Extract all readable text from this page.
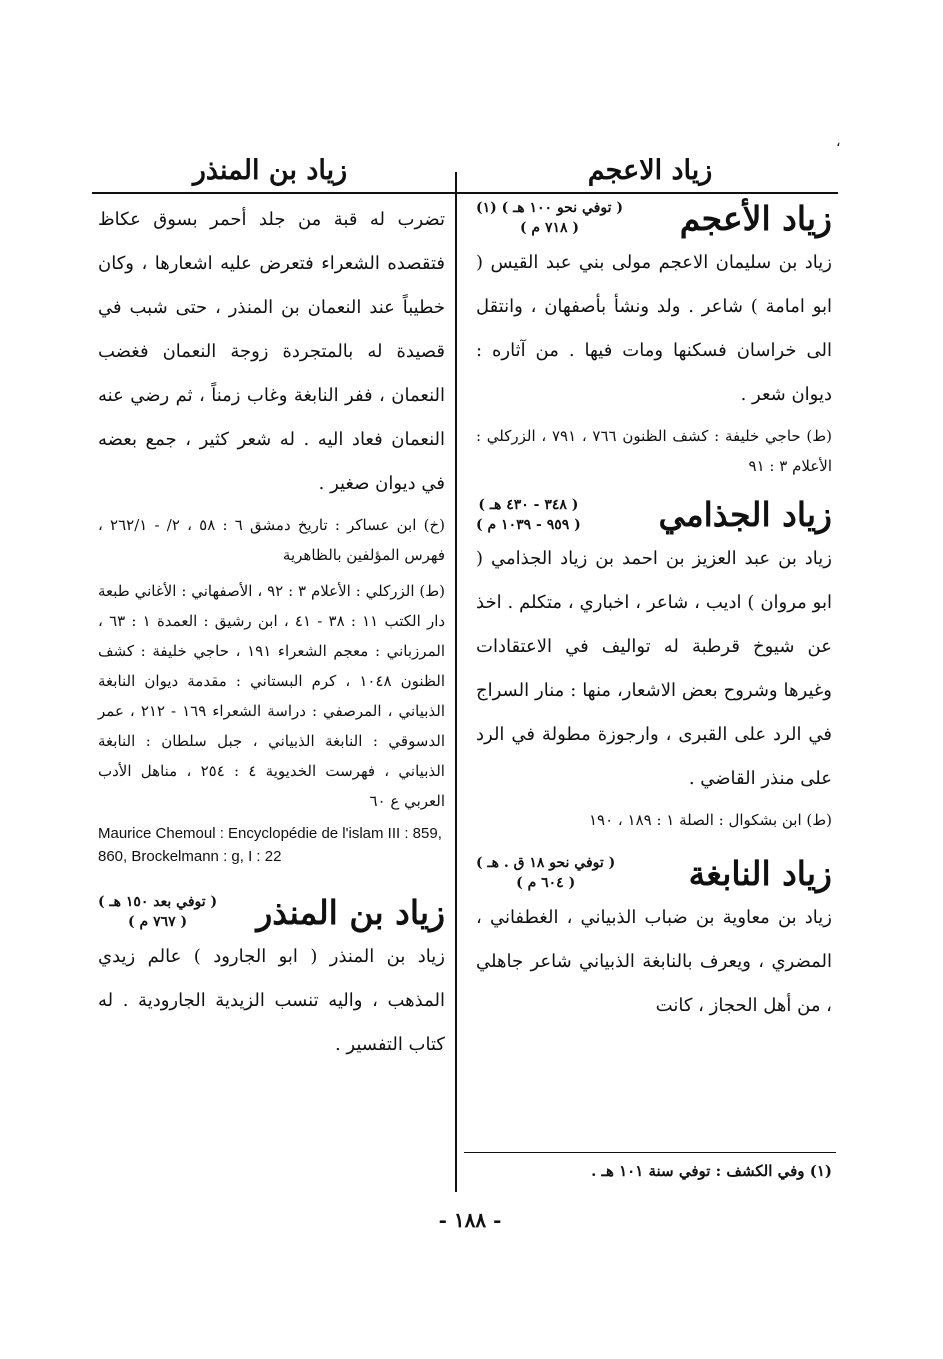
،
زياد الاعجم
زياد بن المنذر
زياد الأعجم
( توفي نحو ١٠٠ هـ ) (١)
( ٧١٨ م )

زياد بن سليمان الاعجم مولى بني عبد القيس ( ابو امامة ) شاعر . ولد ونشأ بأصفهان ، وانتقل الى خراسان فسكنها ومات فيها . من آثاره : ديوان شعر .

(ط) حاجي خليفة : كشف الظنون ٧٦٦ ، ٧٩١ ، الزركلي : الأعلام ٣ : ٩١

زياد الجذامي
( ٣٤٨ - ٤٣٠ هـ )
( ٩٥٩ - ١٠٣٩ م )

زياد بن عبد العزيز بن احمد بن زياد الجذامي ( ابو مروان ) اديب ، شاعر ، اخباري ، متكلم . اخذ عن شيوخ قرطبة له تواليف في الاعتقادات وغيرها وشروح بعض الاشعار، منها : منار السراج في الرد على القبرى ، وارجوزة مطولة في الرد على منذر القاضي .

(ط) ابن بشكوال : الصلة ١ : ١٨٩ ، ١٩٠

زياد النابغة
( توفي نحو ١٨ ق . هـ )
( ٦٠٤ م )

زياد بن معاوية بن ضباب الذبياني ، الغطفاني ، المضري ، ويعرف بالنابغة الذبياني شاعر جاهلي ، من أهل الحجاز ، كانت

(١) وفي الكشف : توفي سنة ١٠١ هـ .

تضرب له قبة من جلد أحمر بسوق عكاظ فتقصده الشعراء فتعرض عليه اشعارها ، وكان خطيباً عند النعمان بن المنذر ، حتى شبب في قصيدة له بالمتجردة زوجة النعمان فغضب النعمان ، ففر النابغة وغاب زمناً ، ثم رضي عنه النعمان فعاد اليه . له شعر كثير ، جمع بعضه في ديوان صغير .

(خ) ابن عساكر : تاريخ دمشق ٦ : ٥٨ ، ٢/ - ٢٦٢/١ ، فهرس المؤلفين بالظاهرية

(ط) الزركلي : الأعلام ٣ : ٩٢ ، الأصفهاني : الأغاني طبعة دار الكتب ١١ : ٣٨ - ٤١ ، ابن رشيق : العمدة ١ : ٦٣ ، المرزباني : معجم الشعراء ١٩١ ، حاجي خليفة : كشف الظنون ١٠٤٨ ، كرم البستاني : مقدمة ديوان النابغة الذبياني ، المرصفي : دراسة الشعراء ١٦٩ - ٢١٢ ، عمر الدسوقي : النابغة الذبياني ، جبل سلطان : النابغة الذبياني ، فهرست الخديوية ٤ : ٢٥٤ ، مناهل الأدب العربي ع ٦٠

Maurice Chemoul : Encyclopédie de l'islam III : 859, 860, Brockelmann : g, I : 22

زياد بن المنذر
( توفي بعد ١٥٠ هـ )
( ٧٦٧ م )

زياد بن المنذر ( ابو الجارود ) عالم زيدي المذهب ، واليه تنسب الزيدية الجارودية . له كتاب التفسير .

- ١٨٨ -
